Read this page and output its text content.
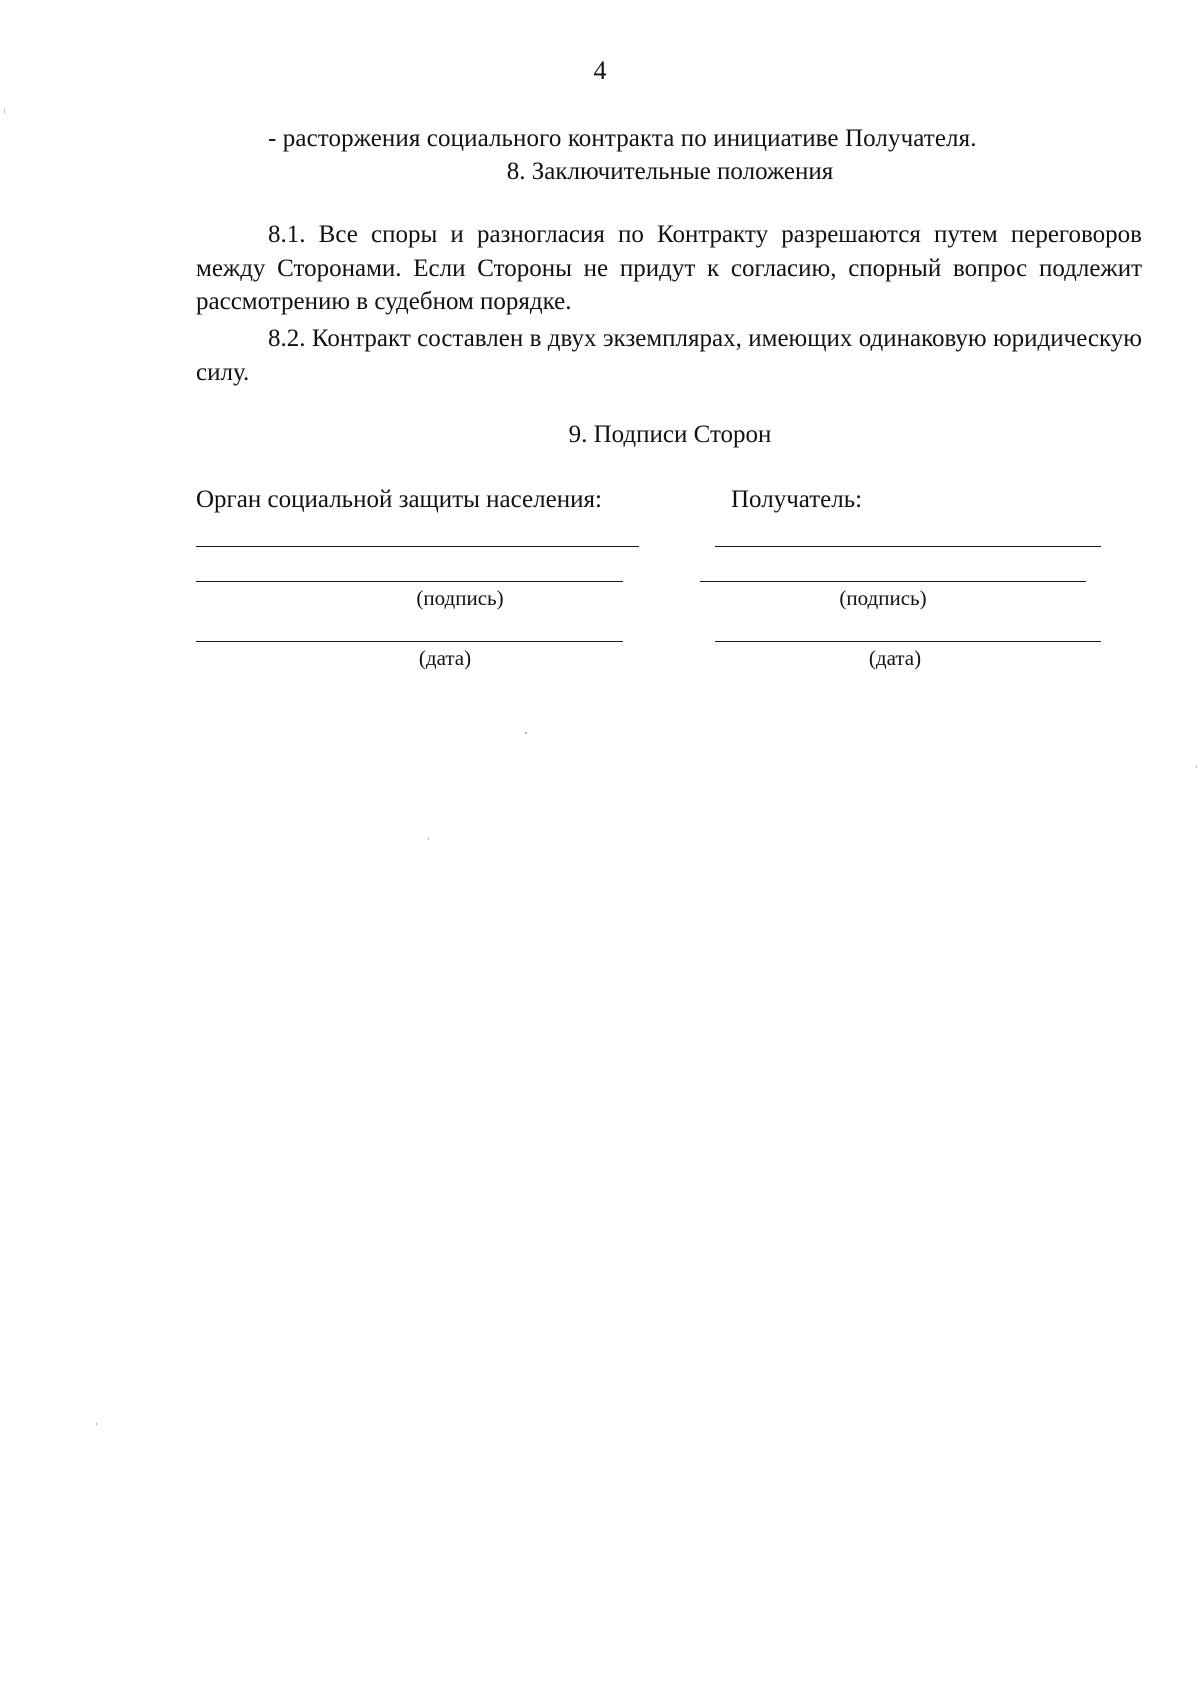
4
- расторжения социального контракта по инициативе Получателя.
8. Заключительные положения

8.1. Все споры и разногласия по Контракту разрешаются путем переговоров между Сторонами. Если Стороны не придут к согласию, спорный вопрос подлежит рассмотрению в судебном порядке.

8.2. Контракт составлен в двух экземплярах, имеющих одинаковую юридическую силу.

9. Подписи Сторон
Орган социальной защиты населения:
(подпись)
(дата)
Получатель:
(подпись)
(дата)
